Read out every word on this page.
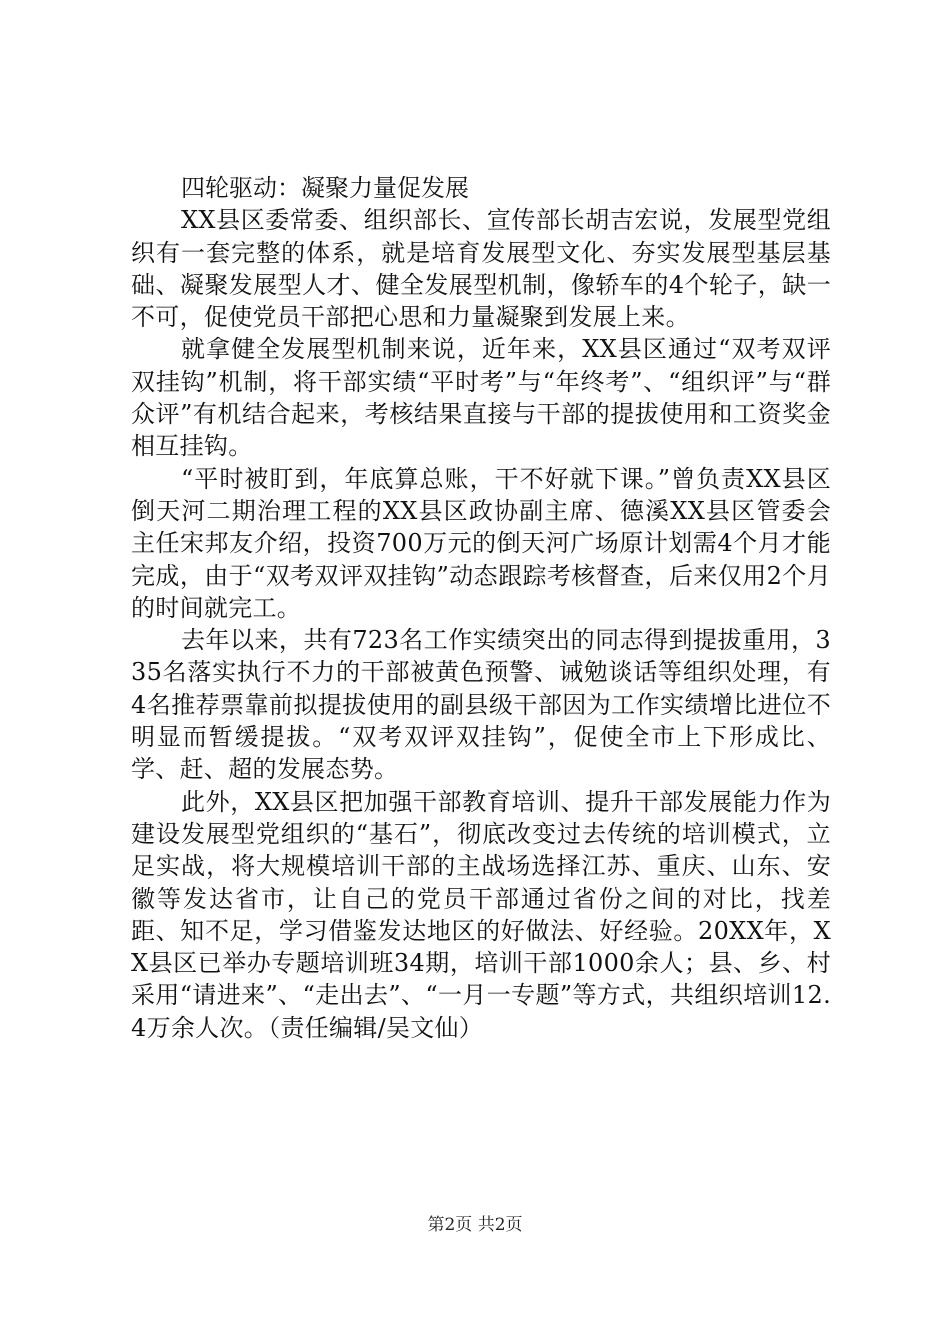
四轮驱动：凝聚力量促发展

XX县区委常委、组织部长、宣传部长胡吉宏说，发展型党组织有一套完整的体系，就是培育发展型文化、夯实发展型基层基础、凝聚发展型人才、健全发展型机制，像轿车的4个轮子，缺一不可，促使党员干部把心思和力量凝聚到发展上来。

就拿健全发展型机制来说，近年来，XX县区通过“双考双评双挂钩”机制，将干部实绩“平时考”与“年终考”、“组织评”与“群众评”有机结合起来，考核结果直接与干部的提拔使用和工资奖金相互挂钩。

“平时被盯到，年底算总账，干不好就下课。”曾负责XX县区倒天河二期治理工程的XX县区政协副主席、德溪XX县区管委会主任宋邦友介绍，投资700万元的倒天河广场原计划需4个月才能完成，由于“双考双评双挂钩”动态跟踪考核督查，后来仅用2个月的时间就完工。

去年以来，共有723名工作实绩突出的同志得到提拔重用，335名落实执行不力的干部被黄色预警、诫勉谈话等组织处理，有4名推荐票靠前拟提拔使用的副县级干部因为工作实绩增比进位不明显而暂缓提拔。“双考双评双挂钩”，促使全市上下形成比、学、赶、超的发展态势。

此外，XX县区把加强干部教育培训、提升干部发展能力作为建设发展型党组织的“基石”，彻底改变过去传统的培训模式，立足实战，将大规模培训干部的主战场选择江苏、重庆、山东、安徽等发达省市，让自己的党员干部通过省份之间的对比，找差距、知不足，学习借鉴发达地区的好做法、好经验。20XX年，XX县区已举办专题培训班34期，培训干部1000余人；县、乡、村采用“请进来”、“走出去”、“一月一专题”等方式，共组织培训12.4万余人次。（责任编辑/吴文仙）

第2页 共2页
